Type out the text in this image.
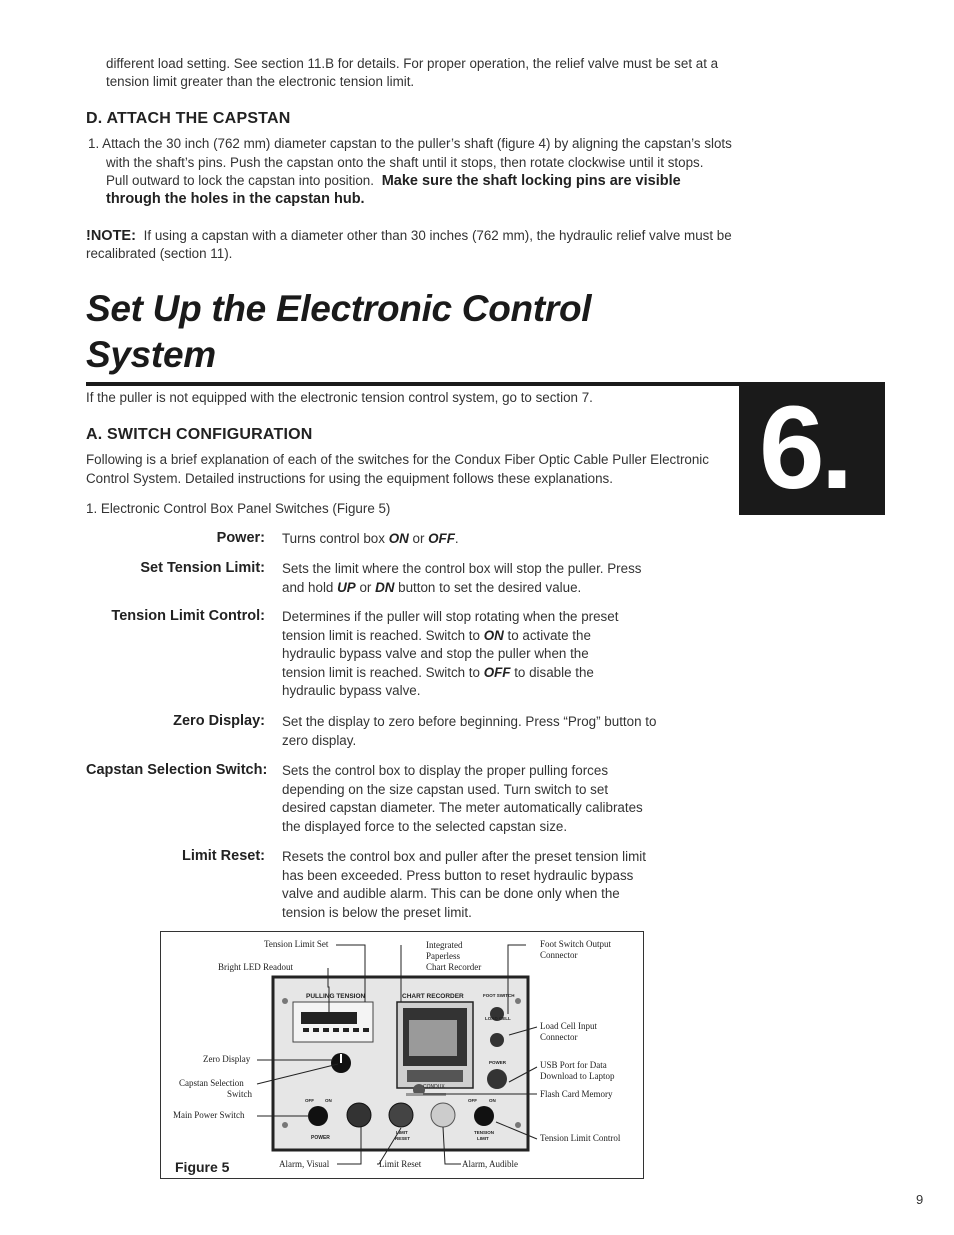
different load setting. See section 11.B for details. For proper operation, the relief valve must be set at a
tension limit greater than the electronic tension limit.
D. ATTACH THE CAPSTAN
1. Attach the 30 inch (762 mm) diameter capstan to the puller’s shaft (figure 4) by aligning the capstan’s slots
with the shaft’s pins. Push the capstan onto the shaft until it stops, then rotate clockwise until it stops.
Pull outward to lock the capstan into position. Make sure the shaft locking pins are visible
through the holes in the capstan hub.
!NOTE: If using a capstan with a diameter other than 30 inches (762 mm), the hydraulic relief valve must be
recalibrated (section 11).
Set Up the Electronic Control
System
6.
If the puller is not equipped with the electronic tension control system, go to section 7.
A. SWITCH CONFIGURATION
Following is a brief explanation of each of the switches for the Condux Fiber Optic Cable Puller Electronic
Control System. Detailed instructions for using the equipment follows these explanations.
1. Electronic Control Box Panel Switches (Figure 5)
Power: Turns control box ON or OFF.
Set Tension Limit: Sets the limit where the control box will stop the puller. Press
and hold UP or DN button to set the desired value.
Tension Limit Control: Determines if the puller will stop rotating when the preset
tension limit is reached. Switch to ON to activate the
hydraulic bypass valve and stop the puller when the
tension limit is reached. Switch to OFF to disable the
hydraulic bypass valve.
Zero Display: Set the display to zero before beginning. Press “Prog” button to
zero display.
Capstan Selection Switch: Sets the control box to display the proper pulling forces
depending on the size capstan used. Turn switch to set
desired capstan diameter. The meter automatically calibrates
the displayed force to the selected capstan size.
Limit Reset: Resets the control box and puller after the preset tension limit
has been exceeded. Press button to reset hydraulic bypass
valve and audible alarm. This can be done only when the
tension is below the preset limit.
PULLING TENSION	CHART RECORDER	FOOT SWITCH
LOAD CELL
POWER
CONDUX
OFF ON
POWER
LIMIT
RESET
OFF	ON
TENSION
LIMIT
Tension Limit Set
Bright LED Readout
Integrated
Paperless
Chart Recorder
Foot Switch Output
Connector
Load Cell Input
Connector
USB Port for Data
Download to Laptop
Flash Card Memory
Zero Display
Capstan Selection
Switch
Main Power Switch
Tension Limit Control
Alarm, Visual	Limit Reset	Alarm, Audible
Figure 5
9
